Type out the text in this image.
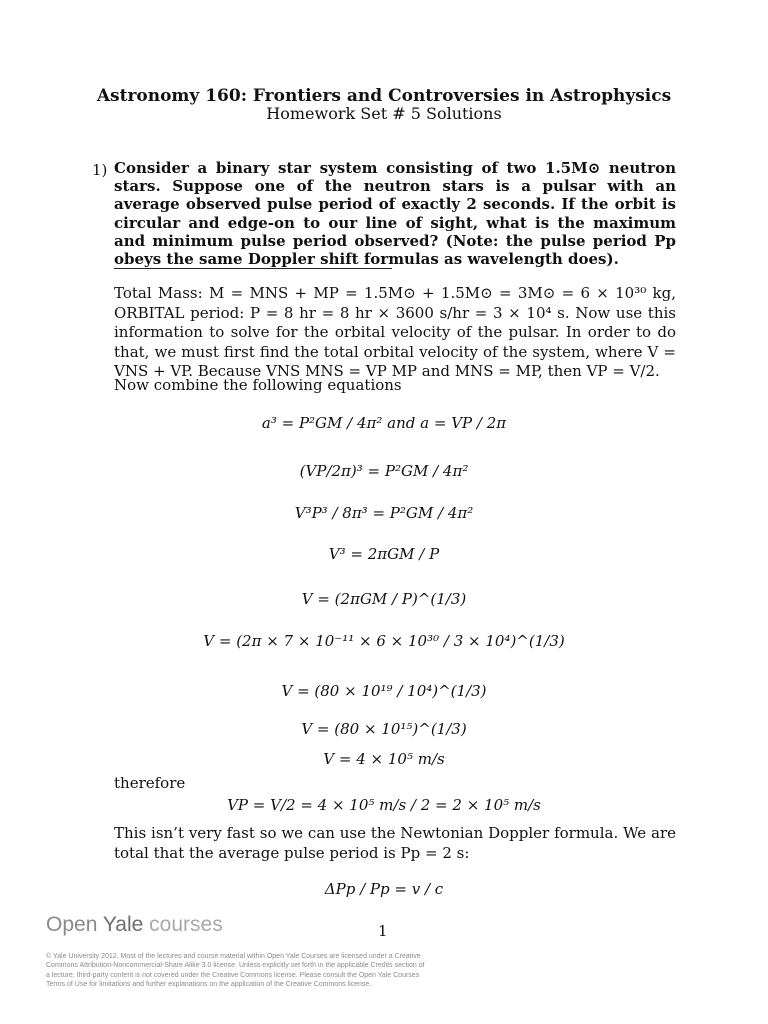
Astronomy 160: Frontiers and Controversies in Astrophysics
Homework Set # 5 Solutions
1) Consider a binary star system consisting of two 1.5M⊙ neutron stars. Suppose one of the neutron stars is a pulsar with an average observed pulse period of exactly 2 seconds. If the orbit is circular and edge-on to our line of sight, what is the maximum and minimum pulse period observed? (Note: the pulse period Pp obeys the same Doppler shift formulas as wavelength does).
Total Mass: M = MNS + MP = 1.5M⊙ + 1.5M⊙ = 3M⊙ = 6 × 10³⁰ kg, ORBITAL period: P = 8 hr = 8 hr × 3600 s/hr = 3 × 10⁴ s. Now use this information to solve for the orbital velocity of the pulsar. In order to do that, we must first find the total orbital velocity of the system, where V = VNS + VP. Because VNS MNS = VP MP and MNS = MP, then VP = V/2.
Now combine the following equations
a³ = P²GM / 4π² and a = VP / 2π
(VP/2π)³ = P²GM / 4π²
V³P³ / 8π³ = P²GM / 4π²
V³ = 2πGM / P
V = (2πGM / P)^(1/3)
V = (2π × 7 × 10⁻¹¹ × 6 × 10³⁰ / 3 × 10⁴)^(1/3)
V = (80 × 10¹⁹ / 10⁴)^(1/3)
V = (80 × 10¹⁵)^(1/3)
V = 4 × 10⁵ m/s
therefore
VP = V/2 = 4 × 10⁵ m/s / 2 = 2 × 10⁵ m/s
This isn’t very fast so we can use the Newtonian Doppler formula. We are total that the average pulse period is Pp = 2 s:
ΔPp / Pp = v / c
Open Yale courses	1
© Yale University 2012. Most of the lectures and course material within Open Yale Courses are licensed under a Creative Commons Attribution-Noncommercial-Share Alike 3.0 license. Unless explicitly set forth in the applicable Credits section of a lecture, third-party content is not covered under the Creative Commons license. Please consult the Open Yale Courses Terms of Use for limitations and further explanations on the application of the Creative Commons license.
